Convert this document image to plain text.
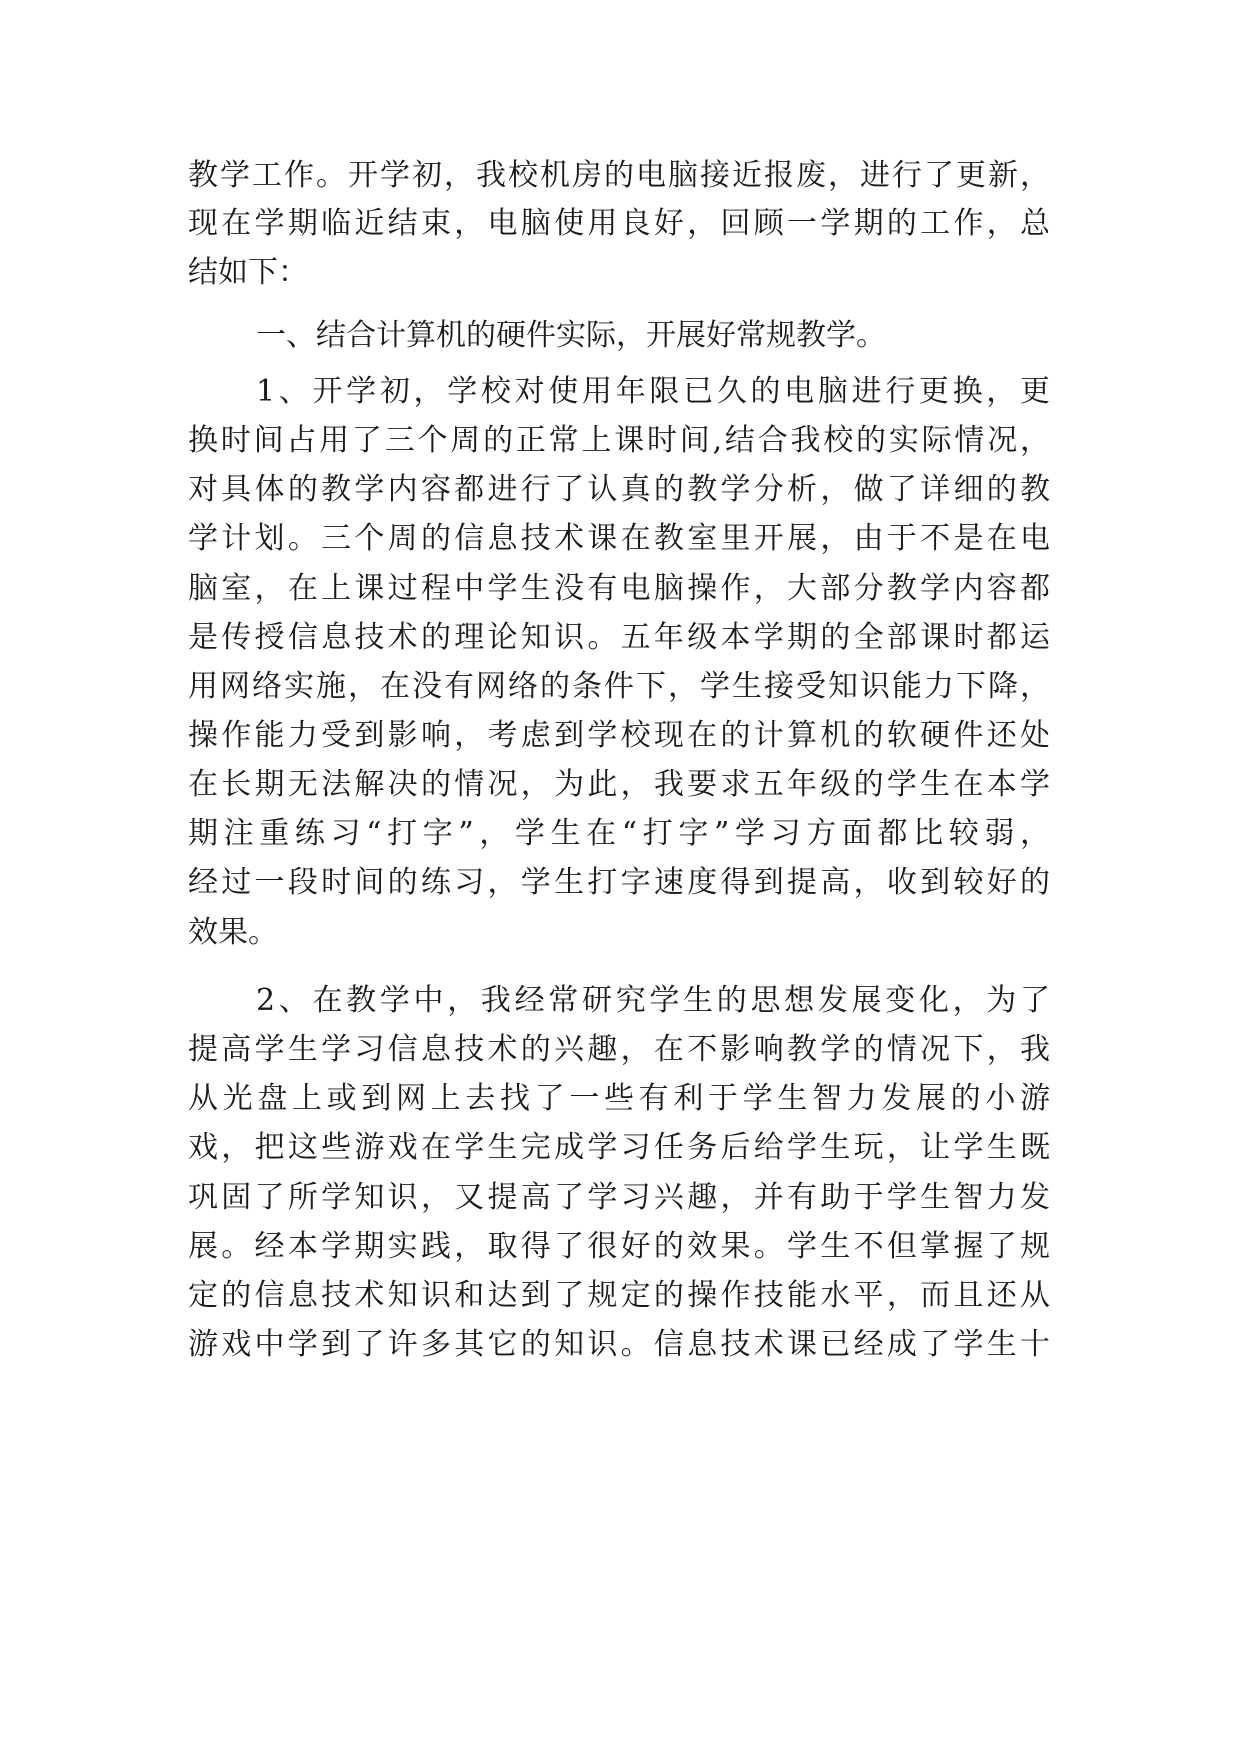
教学工作。开学初，我校机房的电脑接近报废，进行了更新，
现在学期临近结束，电脑使用良好，回顾一学期的工作，总
结如下：
一、结合计算机的硬件实际，开展好常规教学。
1、开学初，学校对使用年限已久的电脑进行更换，更
换时间占用了三个周的正常上课时间,结合我校的实际情况，
对具体的教学内容都进行了认真的教学分析，做了详细的教
学计划。三个周的信息技术课在教室里开展，由于不是在电
脑室，在上课过程中学生没有电脑操作，大部分教学内容都
是传授信息技术的理论知识。五年级本学期的全部课时都运
用网络实施，在没有网络的条件下，学生接受知识能力下降，
操作能力受到影响，考虑到学校现在的计算机的软硬件还处
在长期无法解决的情况，为此，我要求五年级的学生在本学
期注重练习“打字”，学生在“打字”学习方面都比较弱，
经过一段时间的练习，学生打字速度得到提高，收到较好的
效果。
2、在教学中，我经常研究学生的思想发展变化，为了
提高学生学习信息技术的兴趣，在不影响教学的情况下，我
从光盘上或到网上去找了一些有利于学生智力发展的小游
戏，把这些游戏在学生完成学习任务后给学生玩，让学生既
巩固了所学知识，又提高了学习兴趣，并有助于学生智力发
展。经本学期实践，取得了很好的效果。学生不但掌握了规
定的信息技术知识和达到了规定的操作技能水平，而且还从
游戏中学到了许多其它的知识。信息技术课已经成了学生十
